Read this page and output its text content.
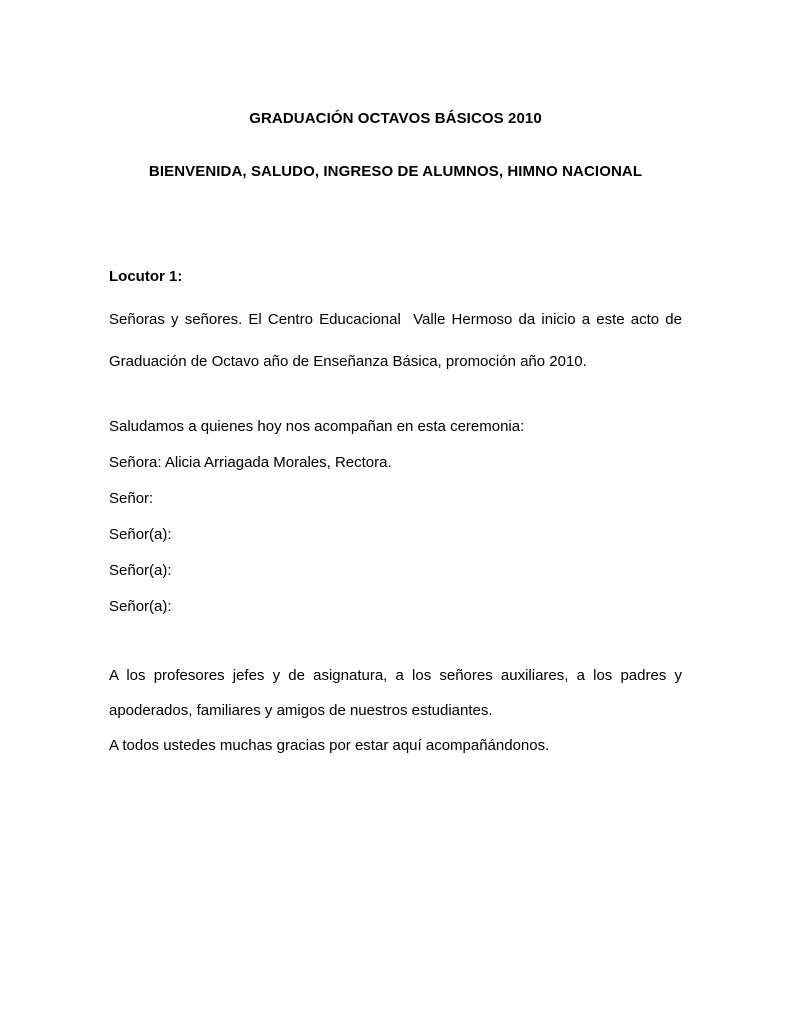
GRADUACIÓN OCTAVOS BÁSICOS 2010
BIENVENIDA, SALUDO, INGRESO DE ALUMNOS, HIMNO NACIONAL
Locutor 1:
Señoras y señores. El Centro Educacional  Valle Hermoso da inicio a este acto de Graduación de Octavo año de Enseñanza Básica, promoción año 2010.
Saludamos a quienes hoy nos acompañan en esta ceremonia:
Señora: Alicia Arriagada Morales, Rectora.
Señor:
Señor(a):
Señor(a):
Señor(a):

A los profesores jefes y de asignatura, a los señores auxiliares, a los padres y apoderados, familiares y amigos de nuestros estudiantes.

A todos ustedes muchas gracias por estar aquí acompañándonos.
